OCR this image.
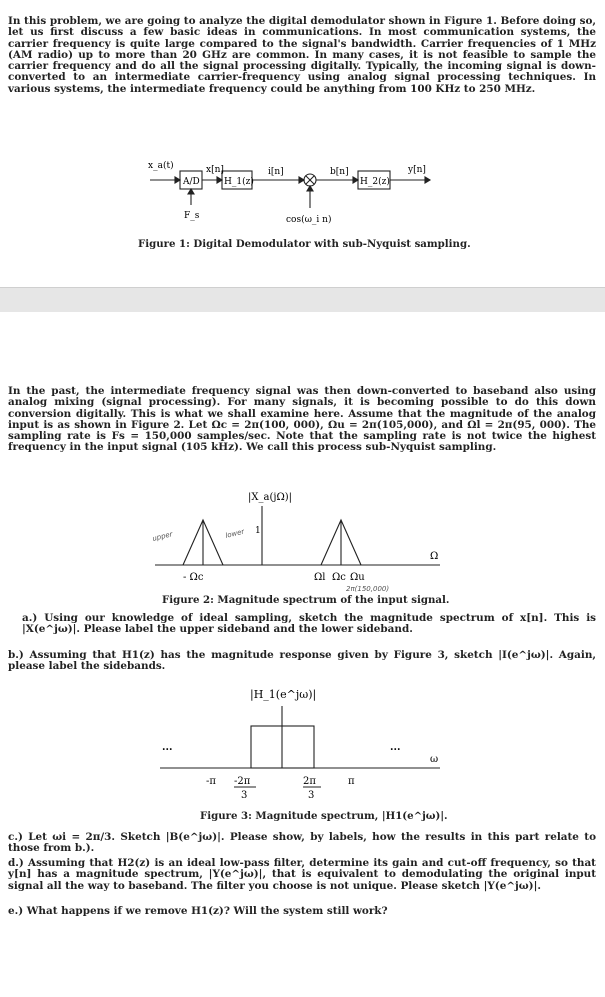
In this problem, we are going to analyze the digital demodulator shown in Figure 1. Before doing so, let us first discuss a few basic ideas in communications. In most communication systems, the carrier frequency is quite large compared to the signal's bandwidth. Carrier frequencies of 1 MHz (AM radio) up to more than 20 GHz are common. In many cases, it is not feasible to sample the carrier frequency and do all the signal processing digitally. Typically, the incoming signal is down-converted to an intermediate carrier-frequency using analog signal processing techniques. In various systems, the intermediate frequency could be anything from 100 KHz to 250 MHz.

x_a(t)
A/D
x[n]
H_1(z)
i[n]	b[n]
H_2(z)
y[n]
F_s	cos(ω_i n)
Figure 1: Digital Demodulator with sub-Nyquist sampling.

In the past, the intermediate frequency signal was then down-converted to baseband also using analog mixing (signal processing). For many signals, it is becoming possible to do this down conversion digitally. This is what we shall examine here. Assume that the magnitude of the analog input is as shown in Figure 2. Let Ωc = 2π(100, 000), Ωu = 2π(105,000), and Ωl = 2π(95, 000). The sampling rate is Fs = 150,000 samples/sec. Note that the sampling rate is not twice the highest frequency in the input signal (105 kHz). We call this process sub-Nyquist sampling.

|X_a(jΩ)|
1
- Ωc	Ωl Ωc Ωu
Ω
upper	lower
2π(150,000)
Figure 2: Magnitude spectrum of the input signal.

a.) Using our knowledge of ideal sampling, sketch the magnitude spectrum of x[n]. This is |X(e^jω)|. Please label the upper sideband and the lower sideband.

b.) Assuming that H1(z) has the magnitude response given by Figure 3, sketch |I(e^jω)|. Again, please label the sidebands.

|H_1(e^jω)|
...	...
ω
-π -2π
3
2π
3
π
Figure 3: Magnitude spectrum, |H1(e^jω)|.

c.) Let ωi = 2π/3. Sketch |B(e^jω)|. Please show, by labels, how the results in this part relate to those from b.).

d.) Assuming that H2(z) is an ideal low-pass filter, determine its gain and cut-off frequency, so that y[n] has a magnitude spectrum, |Y(e^jω)|, that is equivalent to demodulating the original input signal all the way to baseband. The filter you choose is not unique. Please sketch |Y(e^jω)|.

e.) What happens if we remove H1(z)? Will the system still work?
